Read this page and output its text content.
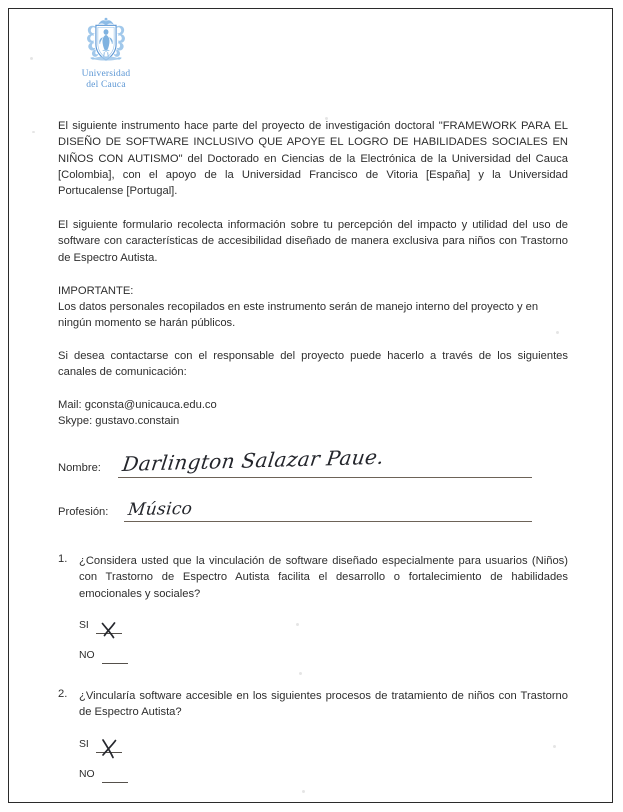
Universidad
del Cauca

El siguiente instrumento hace parte del proyecto de investigación doctoral "FRAMEWORK PARA EL DISEÑO DE SOFTWARE INCLUSIVO QUE APOYE EL LOGRO DE HABILIDADES SOCIALES EN NIÑOS CON AUTISMO" del Doctorado en Ciencias de la Electrónica de la Universidad del Cauca [Colombia], con el apoyo de la Universidad Francisco de Vitoria [España] y la Universidad Portucalense [Portugal].

El siguiente formulario recolecta información sobre tu percepción del impacto y utilidad del uso de software con características de accesibilidad diseñado de manera exclusiva para niños con Trastorno de Espectro Autista.

IMPORTANTE:

Los datos personales recopilados en este instrumento serán de manejo interno del proyecto y en ningún momento se harán públicos.

Si desea contactarse con el responsable del proyecto puede hacerlo a través de los siguientes canales de comunicación:

Mail: gconsta@unicauca.edu.co

Skype: gustavo.constain

Nombre: Darlington Salazar Paue.
Profesión: Músico
1. ¿Considera usted que la vinculación de software diseñado especialmente para usuarios (Niños) con Trastorno de Espectro Autista facilita el desarrollo o fortalecimiento de habilidades emocionales y sociales?

SI
NO
2. ¿Vincularía software accesible en los siguientes procesos de tratamiento de niños con Trastorno de Espectro Autista?

SI
NO
